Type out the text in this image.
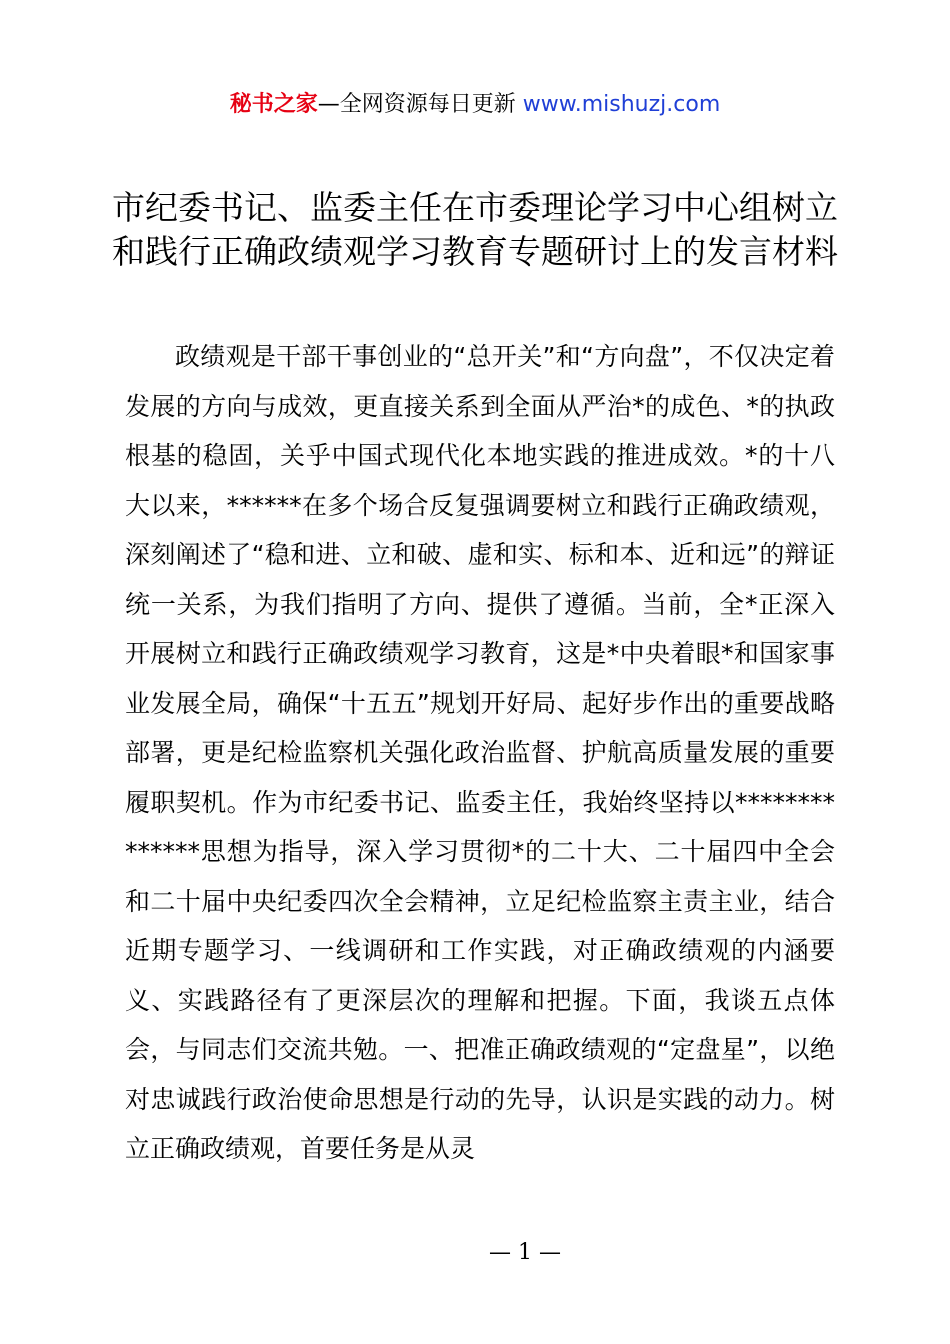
秘书之家—全网资源每日更新 www.mishuzj.com
市纪委书记、监委主任在市委理论学习中心组树立和践行正确政绩观学习教育专题研讨上的发言材料

政绩观是干部干事创业的“总开关”和“方向盘”，不仅决定着发展的方向与成效，更直接关系到全面从严治*的成色、*的执政根基的稳固，关乎中国式现代化本地实践的推进成效。*的十八大以来，******在多个场合反复强调要树立和践行正确政绩观，深刻阐述了“稳和进、立和破、虚和实、标和本、近和远”的辩证统一关系，为我们指明了方向、提供了遵循。当前，全*正深入开展树立和践行正确政绩观学习教育，这是*中央着眼*和国家事业发展全局，确保“十五五”规划开好局、起好步作出的重要战略部署，更是纪检监察机关强化政治监督、护航高质量发展的重要履职契机。作为市纪委书记、监委主任，我始终坚持以**************思想为指导，深入学习贯彻*的二十大、二十届四中全会和二十届中央纪委四次全会精神，立足纪检监察主责主业，结合近期专题学习、一线调研和工作实践，对正确政绩观的内涵要义、实践路径有了更深层次的理解和把握。下面，我谈五点体会，与同志们交流共勉。一、把准正确政绩观的“定盘星”，以绝对忠诚践行政治使命思想是行动的先导，认识是实践的动力。树立正确政绩观，首要任务是从灵

— 1 —
